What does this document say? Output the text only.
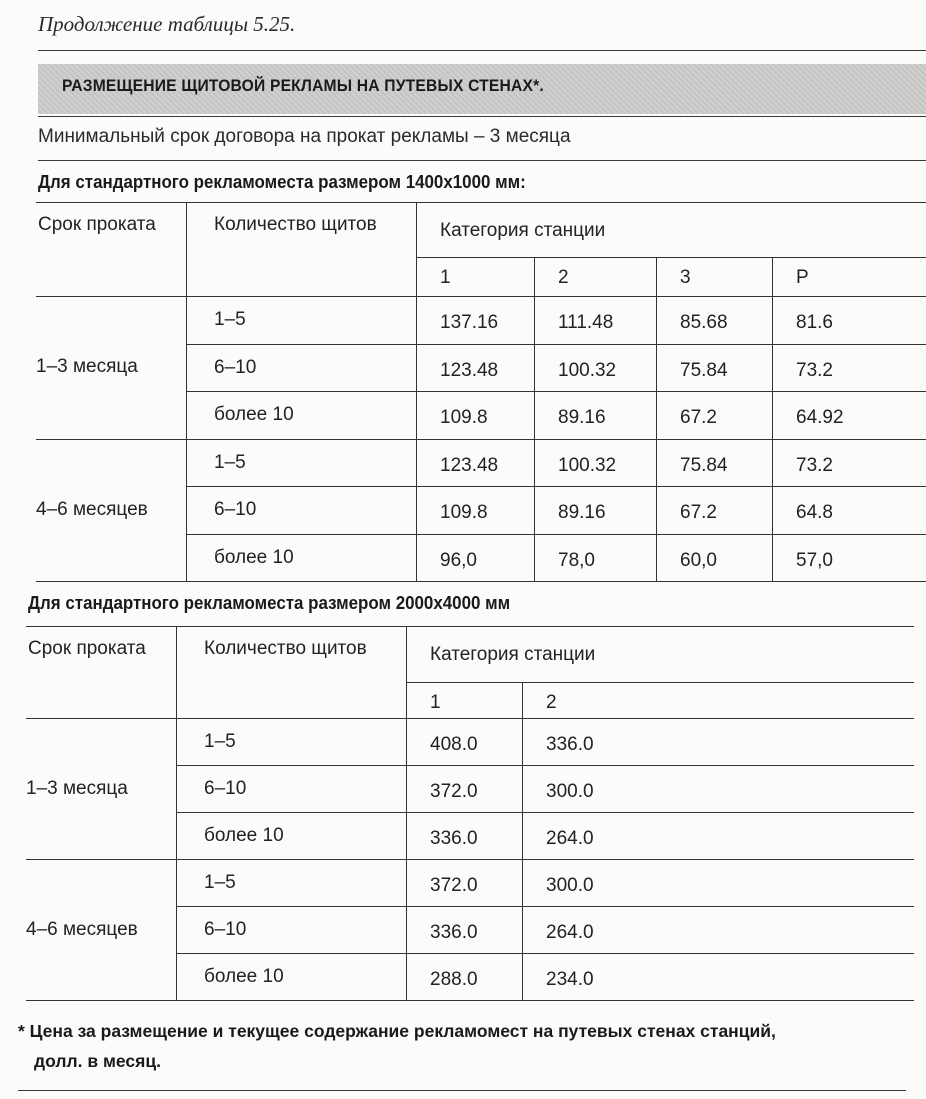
Продолжение таблицы 5.25.
РАЗМЕЩЕНИЕ ЩИТОВОЙ РЕКЛАМЫ НА ПУТЕВЫХ СТЕНАХ*.
Минимальный срок договора на прокат рекламы – 3 месяца
Для стандартного рекламоместа размером 1400х1000 мм:
Срок проката	Количество щитов	Категория станции
1	2	3	Р
1–3 месяца
1–5	137.16	111.48	85.68	81.6
6–10	123.48	100.32	75.84	73.2
более 10	109.8	89.16	67.2	64.92
4–6 месяцев
1–5	123.48	100.32	75.84	73.2
6–10	109.8	89.16	67.2	64.8
более 10	96,0	78,0	60,0	57,0
Для стандартного рекламоместа размером 2000х4000 мм
Срок проката	Количество щитов	Категория станции
1	2
1–3 месяца
1–5	408.0	336.0
6–10	372.0	300.0
более 10	336.0	264.0
4–6 месяцев
1–5	372.0	300.0
6–10	336.0	264.0
более 10	288.0	234.0
* Цена за размещение и текущее содержание рекламомест на путевых стенах станций,
долл. в месяц.
